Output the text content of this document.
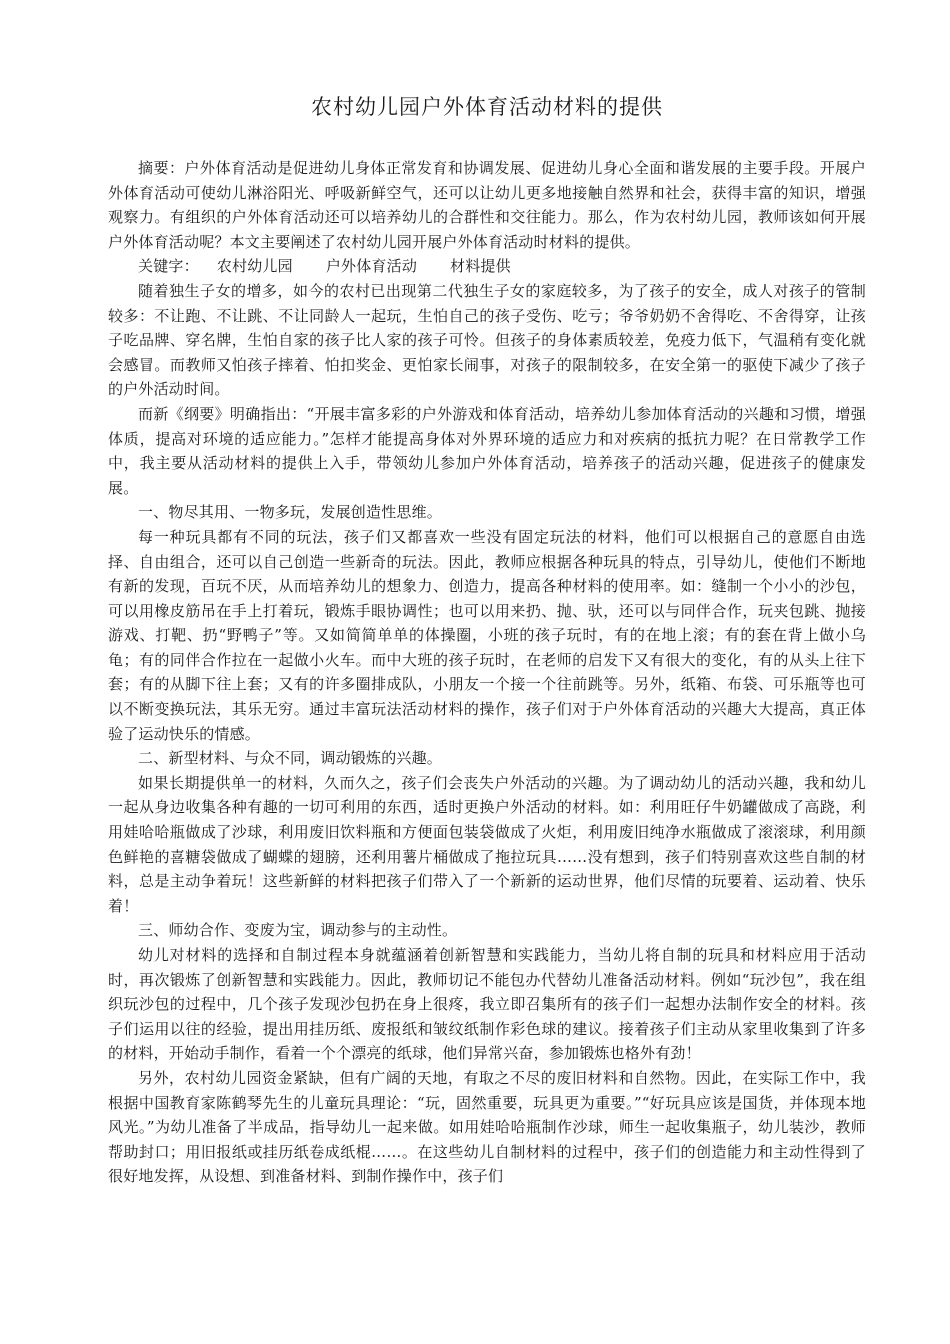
农村幼儿园户外体育活动材料的提供

摘要：户外体育活动是促进幼儿身体正常发育和协调发展、促进幼儿身心全面和谐发展的主要手段。开展户外体育活动可使幼儿淋浴阳光、呼吸新鲜空气，还可以让幼儿更多地接触自然界和社会，获得丰富的知识，增强观察力。有组织的户外体育活动还可以培养幼儿的合群性和交往能力。那么，作为农村幼儿园，教师该如何开展户外体育活动呢？本文主要阐述了农村幼儿园开展户外体育活动时材料的提供。

关键字： 农村幼儿园 户外体育活动 材料提供

随着独生子女的增多，如今的农村已出现第二代独生子女的家庭较多，为了孩子的安全，成人对孩子的管制较多：不让跑、不让跳、不让同龄人一起玩，生怕自己的孩子受伤、吃亏；爷爷奶奶不舍得吃、不舍得穿，让孩子吃品牌、穿名牌，生怕自家的孩子比人家的孩子可怜。但孩子的身体素质较差，免疫力低下，气温稍有变化就会感冒。而教师又怕孩子摔着、怕扣奖金、更怕家长闹事，对孩子的限制较多，在安全第一的驱使下减少了孩子的户外活动时间。

而新《纲要》明确指出：“开展丰富多彩的户外游戏和体育活动，培养幼儿参加体育活动的兴趣和习惯，增强体质，提高对环境的适应能力。”怎样才能提高身体对外界环境的适应力和对疾病的抵抗力呢？在日常教学工作中，我主要从活动材料的提供上入手，带领幼儿参加户外体育活动，培养孩子的活动兴趣，促进孩子的健康发展。

一、物尽其用、一物多玩，发展创造性思维。

每一种玩具都有不同的玩法，孩子们又都喜欢一些没有固定玩法的材料，他们可以根据自己的意愿自由选择、自由组合，还可以自己创造一些新奇的玩法。因此，教师应根据各种玩具的特点，引导幼儿，使他们不断地有新的发现，百玩不厌，从而培养幼儿的想象力、创造力，提高各种材料的使用率。如：缝制一个小小的沙包，可以用橡皮筋吊在手上打着玩，锻炼手眼协调性；也可以用来扔、抛、驮，还可以与同伴合作，玩夹包跳、抛接游戏、打靶、扔“野鸭子”等。又如简简单单的体操圈，小班的孩子玩时，有的在地上滚；有的套在背上做小乌龟；有的同伴合作拉在一起做小火车。而中大班的孩子玩时，在老师的启发下又有很大的变化，有的从头上往下套；有的从脚下往上套；又有的许多圈排成队，小朋友一个接一个往前跳等。另外，纸箱、布袋、可乐瓶等也可以不断变换玩法，其乐无穷。通过丰富玩法活动材料的操作，孩子们对于户外体育活动的兴趣大大提高，真正体验了运动快乐的情感。

二、新型材料、与众不同，调动锻炼的兴趣。

如果长期提供单一的材料，久而久之，孩子们会丧失户外活动的兴趣。为了调动幼儿的活动兴趣，我和幼儿一起从身边收集各种有趣的一切可利用的东西，适时更换户外活动的材料。如：利用旺仔牛奶罐做成了高跷，利用娃哈哈瓶做成了沙球，利用废旧饮料瓶和方便面包装袋做成了火炬，利用废旧纯净水瓶做成了滚滚球，利用颜色鲜艳的喜糖袋做成了蝴蝶的翅膀，还利用薯片桶做成了拖拉玩具……没有想到，孩子们特别喜欢这些自制的材料，总是主动争着玩！这些新鲜的材料把孩子们带入了一个新新的运动世界，他们尽情的玩要着、运动着、快乐着！

三、师幼合作、变废为宝，调动参与的主动性。

幼儿对材料的选择和自制过程本身就蕴涵着创新智慧和实践能力，当幼儿将自制的玩具和材料应用于活动时，再次锻炼了创新智慧和实践能力。因此，教师切记不能包办代替幼儿准备活动材料。例如“玩沙包”，我在组织玩沙包的过程中，几个孩子发现沙包扔在身上很疼，我立即召集所有的孩子们一起想办法制作安全的材料。孩子们运用以往的经验，提出用挂历纸、废报纸和皱纹纸制作彩色球的建议。接着孩子们主动从家里收集到了许多的材料，开始动手制作，看着一个个漂亮的纸球，他们异常兴奋，参加锻炼也格外有劲！

另外，农村幼儿园资金紧缺，但有广阔的天地，有取之不尽的废旧材料和自然物。因此，在实际工作中，我根据中国教育家陈鹤琴先生的儿童玩具理论：“玩，固然重要，玩具更为重要。”“好玩具应该是国货，并体现本地风光。”为幼儿准备了半成品，指导幼儿一起来做。如用娃哈哈瓶制作沙球，师生一起收集瓶子，幼儿装沙，教师帮助封口；用旧报纸或挂历纸卷成纸棍……。在这些幼儿自制材料的过程中，孩子们的创造能力和主动性得到了很好地发挥，从设想、到准备材料、到制作操作中，孩子们
